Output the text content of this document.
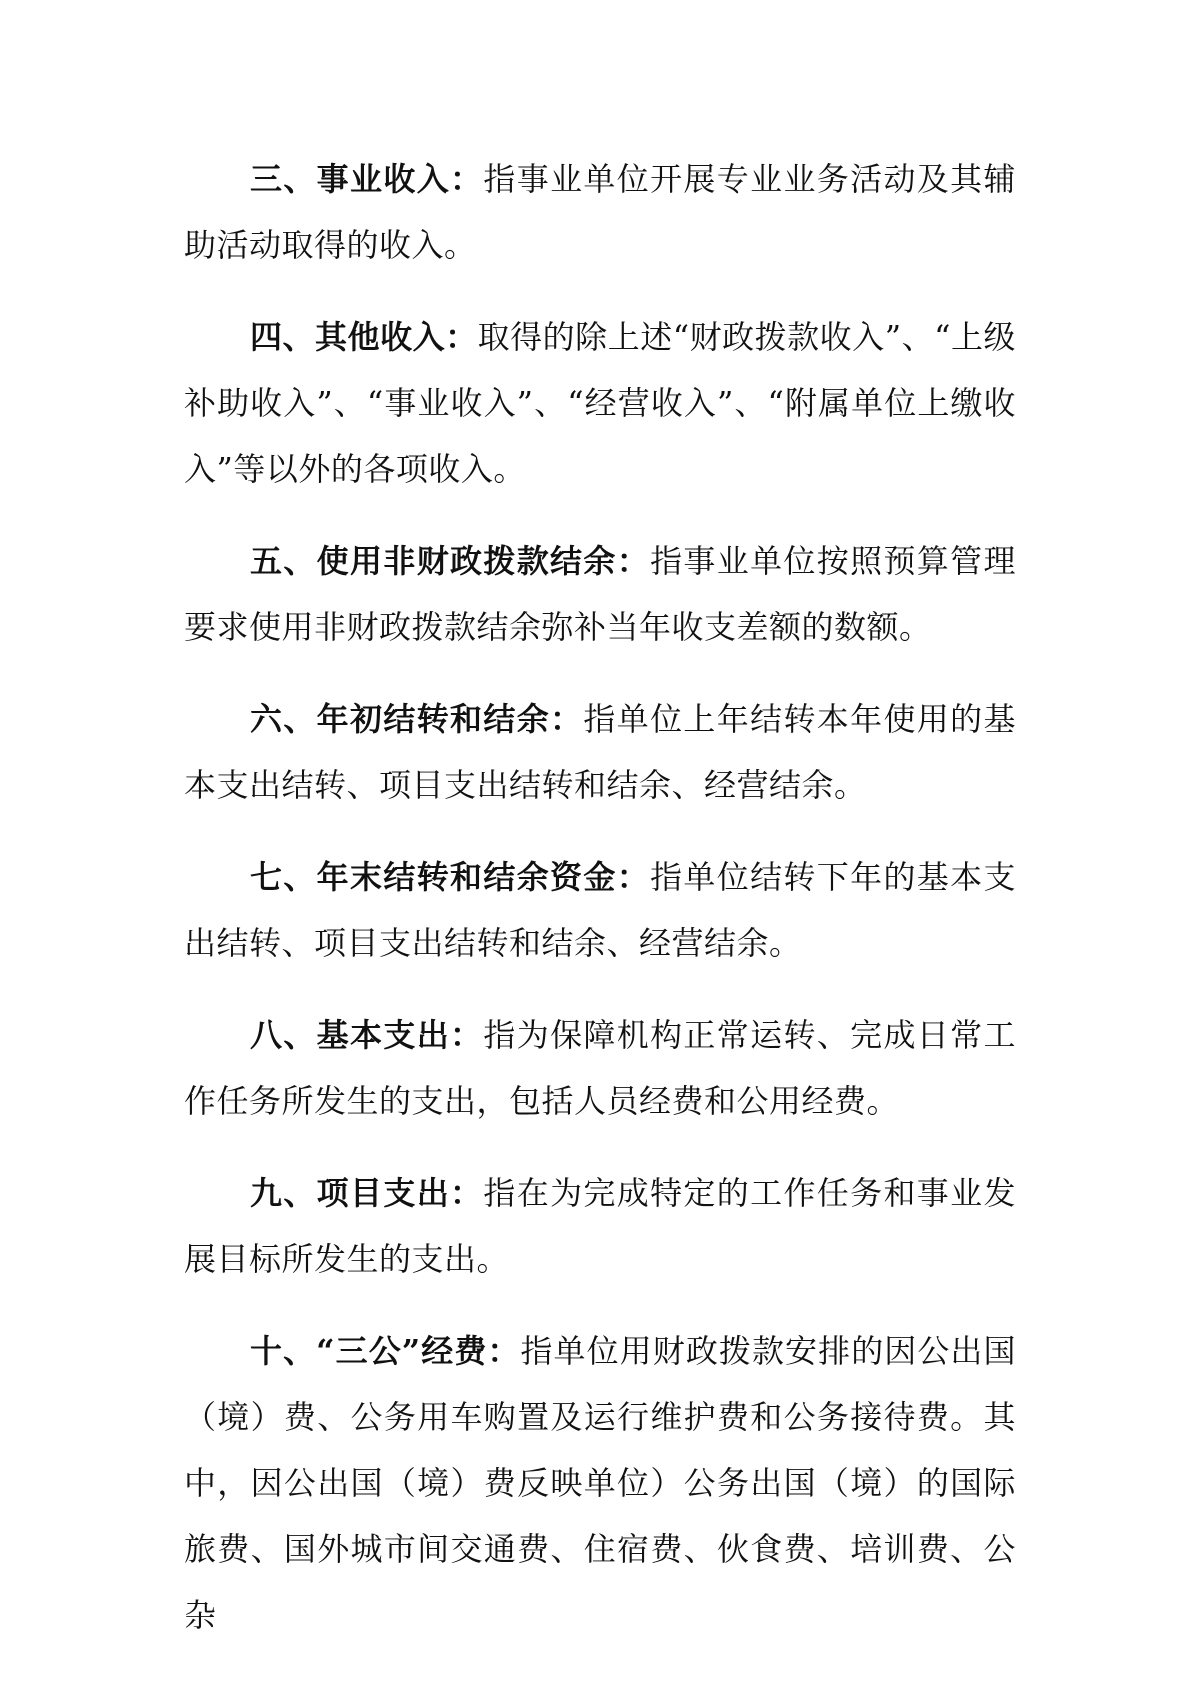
三、事业收入：指事业单位开展专业业务活动及其辅助活动取得的收入。

四、其他收入：取得的除上述“财政拨款收入”、“上级补助收入”、“事业收入”、“经营收入”、“附属单位上缴收入”等以外的各项收入。

五、使用非财政拨款结余：指事业单位按照预算管理要求使用非财政拨款结余弥补当年收支差额的数额。

六、年初结转和结余：指单位上年结转本年使用的基本支出结转、项目支出结转和结余、经营结余。

七、年末结转和结余资金：指单位结转下年的基本支出结转、项目支出结转和结余、经营结余。

八、基本支出：指为保障机构正常运转、完成日常工作任务所发生的支出，包括人员经费和公用经费。

九、项目支出：指在为完成特定的工作任务和事业发展目标所发生的支出。

十、“三公”经费：指单位用财政拨款安排的因公出国（境）费、公务用车购置及运行维护费和公务接待费。其中，因公出国（境）费反映单位）公务出国（境）的国际旅费、国外城市间交通费、住宿费、伙食费、培训费、公杂
